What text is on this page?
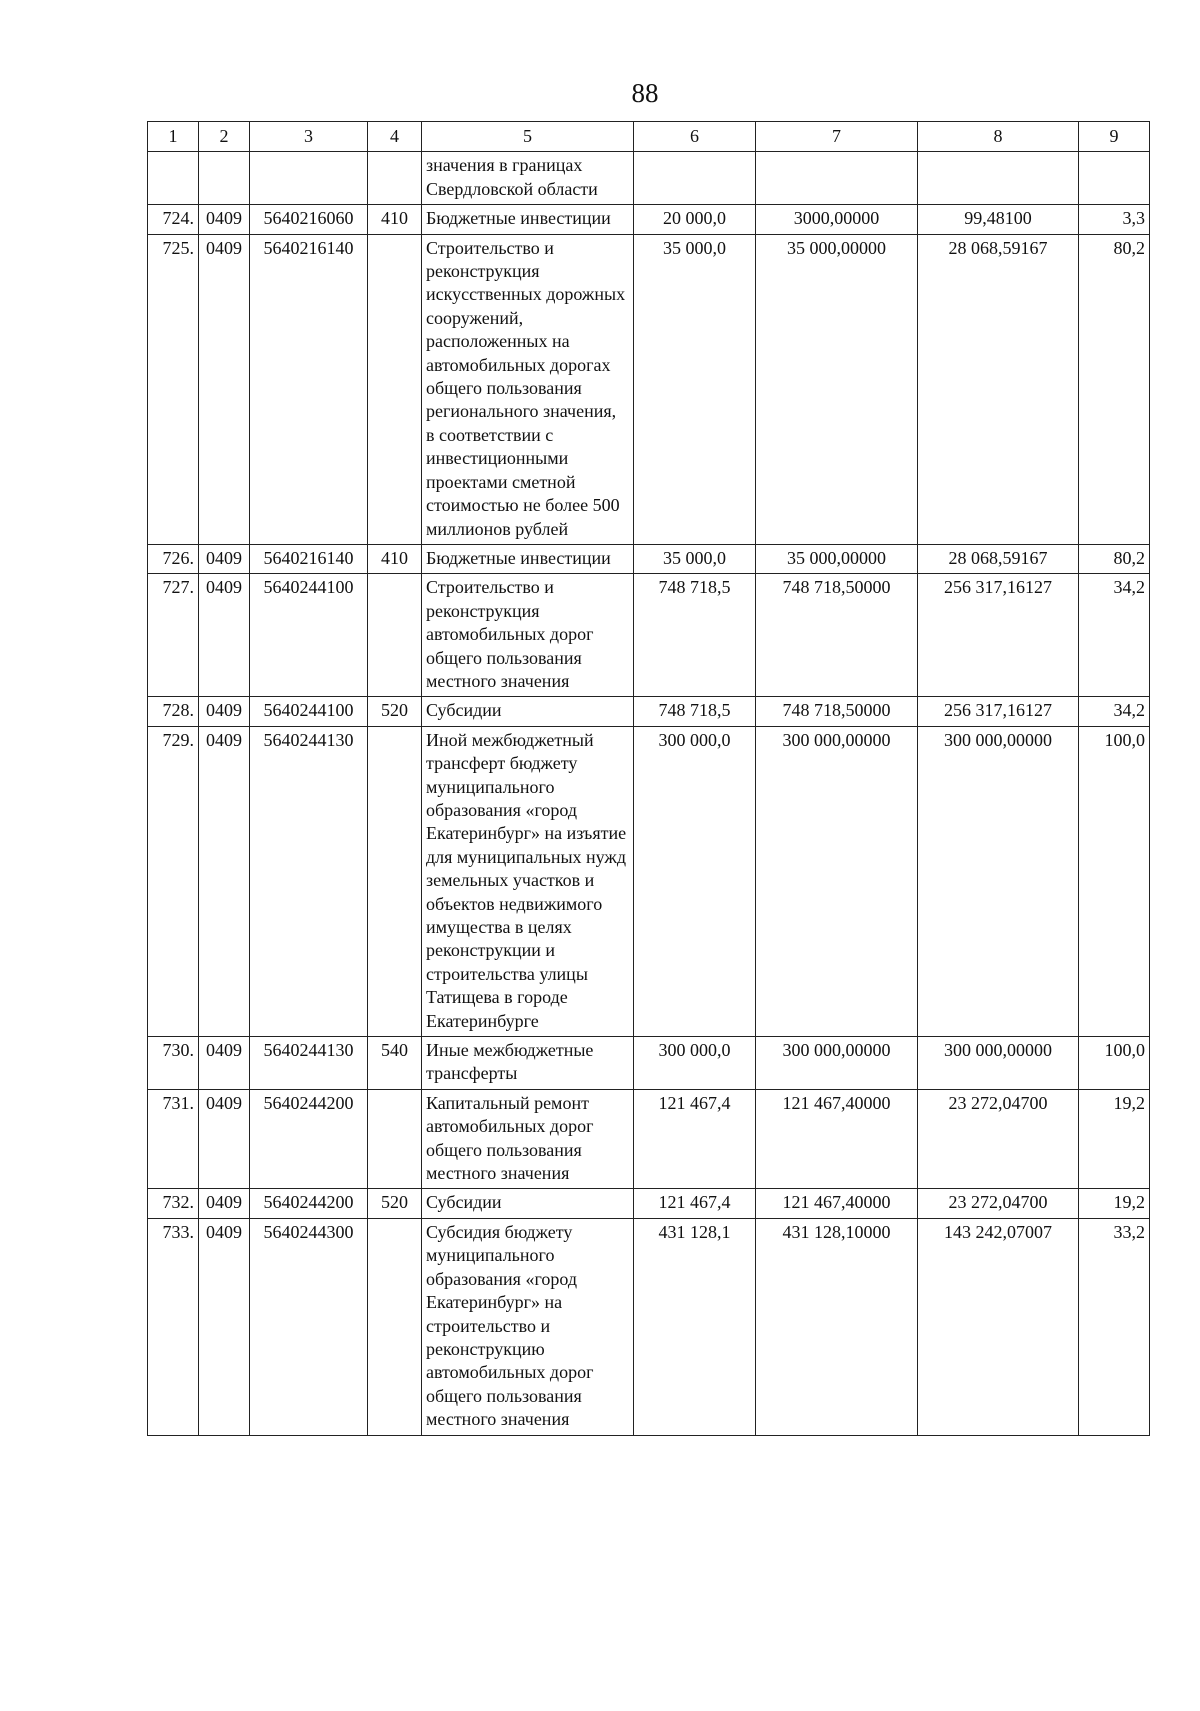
88
1	2	3	4	5	6	7	8	9
				значения в границах Свердловской области				
724.	0409	5640216060	410	Бюджетные инвестиции	20 000,0	3000,00000	99,48100	3,3
725.	0409	5640216140		Строительство и реконструкция искусственных дорожных сооружений, расположенных на автомобильных дорогах общего пользования регионального значения, в соответствии с инвестиционными проектами сметной стоимостью не более 500 миллионов рублей	35 000,0	35 000,00000	28 068,59167	80,2
726.	0409	5640216140	410	Бюджетные инвестиции	35 000,0	35 000,00000	28 068,59167	80,2
727.	0409	5640244100		Строительство и реконструкция автомобильных дорог общего пользования местного значения	748 718,5	748 718,50000	256 317,16127	34,2
728.	0409	5640244100	520	Субсидии	748 718,5	748 718,50000	256 317,16127	34,2
729.	0409	5640244130		Иной межбюджетный трансферт бюджету муниципального образования «город Екатеринбург» на изъятие для муниципальных нужд земельных участков и объектов недвижимого имущества в целях реконструкции и строительства улицы Татищева в городе Екатеринбурге	300 000,0	300 000,00000	300 000,00000	100,0
730.	0409	5640244130	540	Иные межбюджетные трансферты	300 000,0	300 000,00000	300 000,00000	100,0
731.	0409	5640244200		Капитальный ремонт автомобильных дорог общего пользования местного значения	121 467,4	121 467,40000	23 272,04700	19,2
732.	0409	5640244200	520	Субсидии	121 467,4	121 467,40000	23 272,04700	19,2
733.	0409	5640244300		Субсидия бюджету муниципального образования «город Екатеринбург» на строительство и реконструкцию автомобильных дорог общего пользования местного значения	431 128,1	431 128,10000	143 242,07007	33,2
